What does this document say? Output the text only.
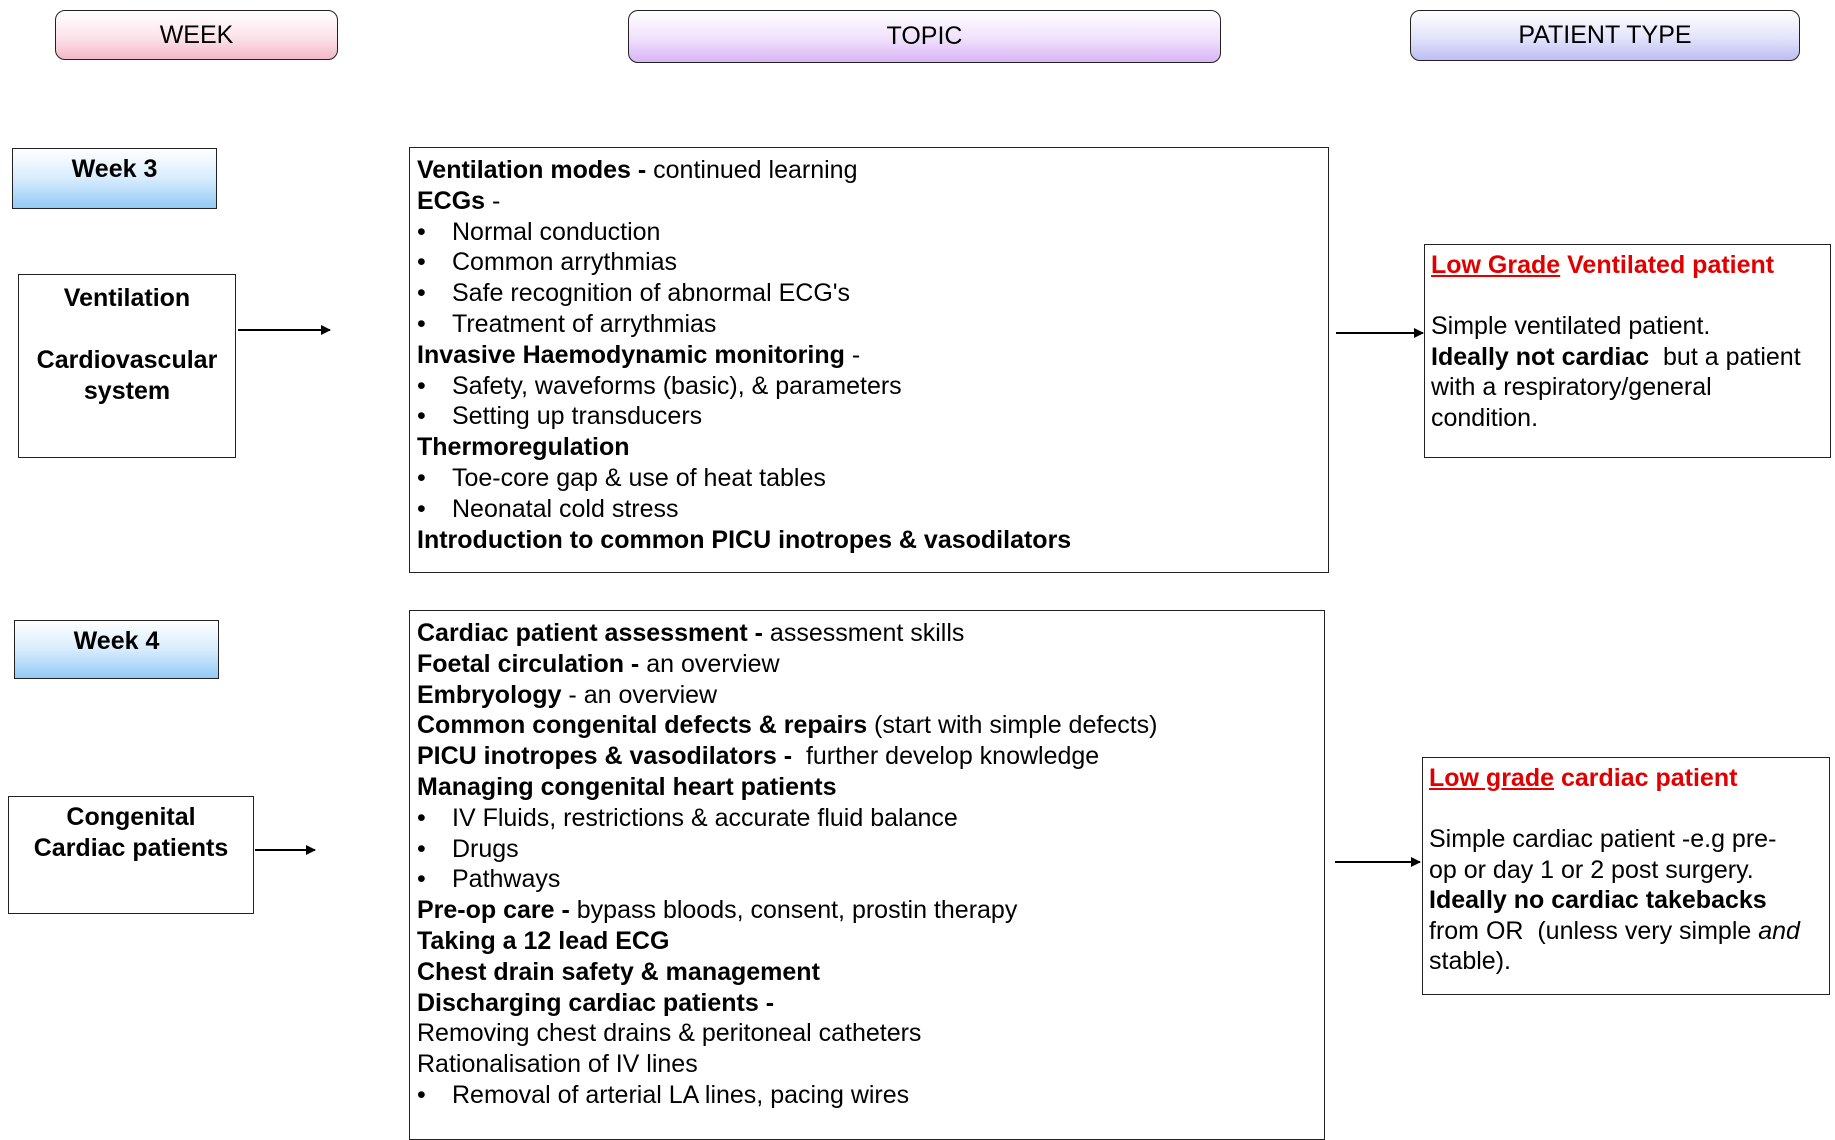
WEEK	TOPIC	PATIENT TYPE
Week 3
Ventilation
Cardiovascular
system
Ventilation modes - continued learning
ECGs -
• Normal conduction
• Common arrythmias
• Safe recognition of abnormal ECG's
• Treatment of arrythmias
Invasive Haemodynamic monitoring -
• Safety, waveforms (basic), & parameters
• Setting up transducers
Thermoregulation
• Toe-core gap & use of heat tables
• Neonatal cold stress
Introduction to common PICU inotropes & vasodilators
Low Grade Ventilated patient
Simple ventilated patient.
Ideally not cardiac  but a patient
with a respiratory/general
condition.
Week 4
Congenital
Cardiac patients
Cardiac patient assessment - assessment skills
Foetal circulation - an overview
Embryology - an overview
Common congenital defects & repairs (start with simple defects)
PICU inotropes & vasodilators -  further develop knowledge
Managing congenital heart patients
• IV Fluids, restrictions & accurate fluid balance
• Drugs
• Pathways
Pre-op care - bypass bloods, consent, prostin therapy
Taking a 12 lead ECG
Chest drain safety & management
Discharging cardiac patients -
Removing chest drains & peritoneal catheters
Rationalisation of IV lines
• Removal of arterial LA lines, pacing wires
Low grade cardiac patient
Simple cardiac patient -e.g pre-
op or day 1 or 2 post surgery.
Ideally no cardiac takebacks
from OR  (unless very simple and
stable).
